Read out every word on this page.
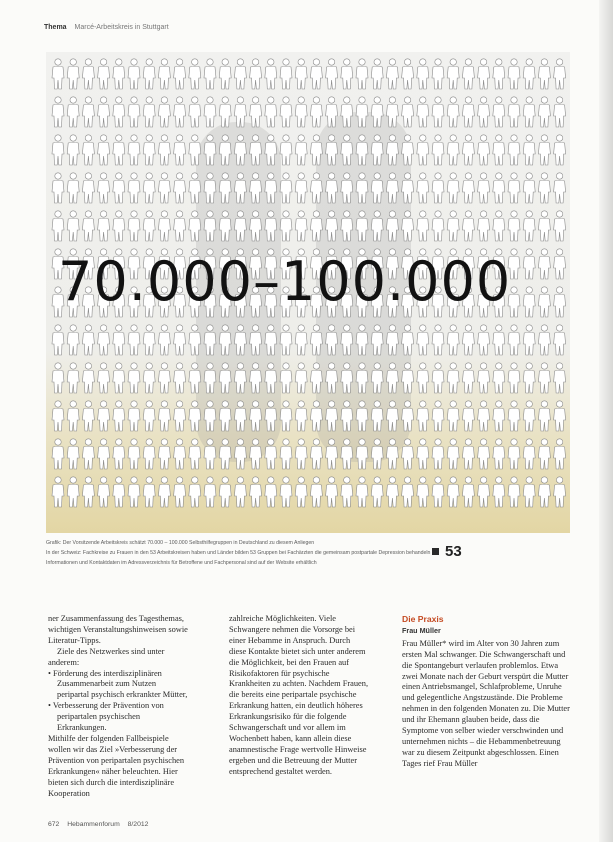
Thema Marcé-Arbeitskreis in Stuttgart
53
70.000–100.000

Grafik: Der Vorsitzende Arbeitskreis schätzt 70.000 – 100.000 Selbsthilfegruppen in Deutschland zu diesem Anliegen

In der Schweiz: Fachkreise zu Frauen in den 53 Arbeitskreisen haben und Länder bilden 53 Gruppen bei Fachärzten die gemeinsam postpartale Depression behandeln

Informationen und Kontaktdaten im Adressverzeichnis für Betroffene und Fachpersonal sind auf der Website erhältlich

ner Zusammenfassung des Tagesthemas, wichtigen Veranstaltungshinweisen sowie Literatur-Tipps.

Ziele des Netzwerkes sind unter anderem:

• Förderung des interdisziplinären Zusammenarbeit zum Nutzen peripartal psychisch erkrankter Mütter,

• Verbesserung der Prävention von peripartalen psychischen Erkrankungen.

Mithilfe der folgenden Fallbeispiele wollen wir das Ziel »Verbesserung der Prävention von peripartalen psychischen Erkrankungen« näher beleuchten. Hier bieten sich durch die interdisziplinäre Kooperation

zahlreiche Möglichkeiten. Viele Schwangere nehmen die Vorsorge bei einer Hebamme in Anspruch. Durch diese Kontakte bietet sich unter anderem die Möglichkeit, bei den Frauen auf Risikofaktoren für psychische Krankheiten zu achten. Nachdem Frauen, die bereits eine peripartale psychische Erkrankung hatten, ein deutlich höheres Erkrankungsrisiko für die folgende Schwangerschaft und vor allem im Wochenbett haben, kann allein diese anamnestische Frage wertvolle Hinweise ergeben und die Betreuung der Mutter entsprechend gestaltet werden.

Die Praxis

Frau Müller

Frau Müller* wird im Alter von 30 Jahren zum ersten Mal schwanger. Die Schwangerschaft und die Spontangeburt verlaufen problemlos. Etwa zwei Monate nach der Geburt verspürt die Mutter einen Antriebsmangel, Schlafprobleme, Unruhe und gelegentliche Angstzustände. Die Probleme nehmen in den folgenden Monaten zu. Die Mutter und ihr Ehemann glauben beide, dass die Symptome von selber wieder verschwinden und unternehmen nichts – die Hebammenbetreuung war zu diesem Zeitpunkt abgeschlossen. Einen Tages rief Frau Müller

672 Hebammenforum 8/2012
